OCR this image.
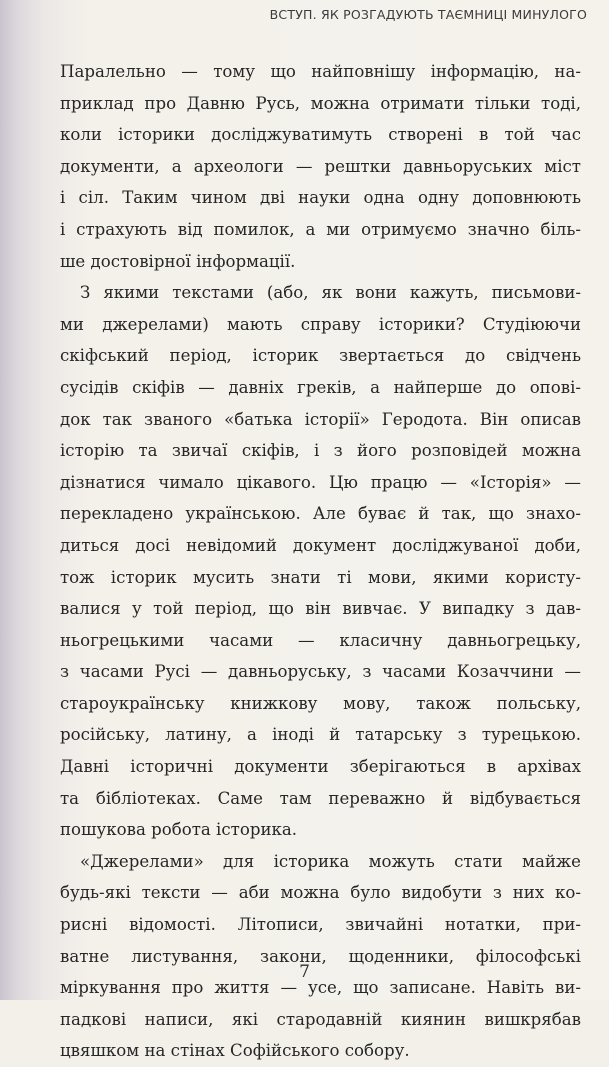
ВСТУП. ЯК РОЗГАДУЮТЬ ТАЄМНИЦІ МИНУЛОГО
Паралельно — тому що найповнішу інформацію, на-
приклад про Давню Русь, можна отримати тільки тоді,
коли історики досліджуватимуть створені в той час
документи, а археологи — рештки давньоруських міст
і сіл. Таким чином дві науки одна одну доповнюють
і страхують від помилок, а ми отримуємо значно біль-
ше достовірної інформації.
З якими текстами (або, як вони кажуть, письмови-
ми джерелами) мають справу історики? Студіюючи
скіфський період, історик звертається до свідчень
сусідів скіфів — давніх греків, а найперше до опові-
док так званого «батька історії» Геродота. Він описав
історію та звичаї скіфів, і з його розповідей можна
дізнатися чимало цікавого. Цю працю — «Історія» —
перекладено українською. Але буває й так, що знахо-
диться досі невідомий документ досліджуваної доби,
тож історик мусить знати ті мови, якими користу-
валися у той період, що він вивчає. У випадку з дав-
ньогрецькими часами — класичну давньогрецьку,
з часами Русі — давньоруську, з часами Козаччини —
староукраїнську книжкову мову, також польську,
російську, латину, а іноді й татарську з турецькою.
Давні історичні документи зберігаються в архівах
та бібліотеках. Саме там переважно й відбувається
пошукова робота історика.
«Джерелами» для історика можуть стати майже
будь-які тексти — аби можна було видобути з них ко-
рисні відомості. Літописи, звичайні нотатки, при-
ватне листування, закони, щоденники, філософські
міркування про життя — усе, що записане. Навіть ви-
падкові написи, які стародавній киянин вишкрябав
цвяшком на стінах Софійського собору.
7
